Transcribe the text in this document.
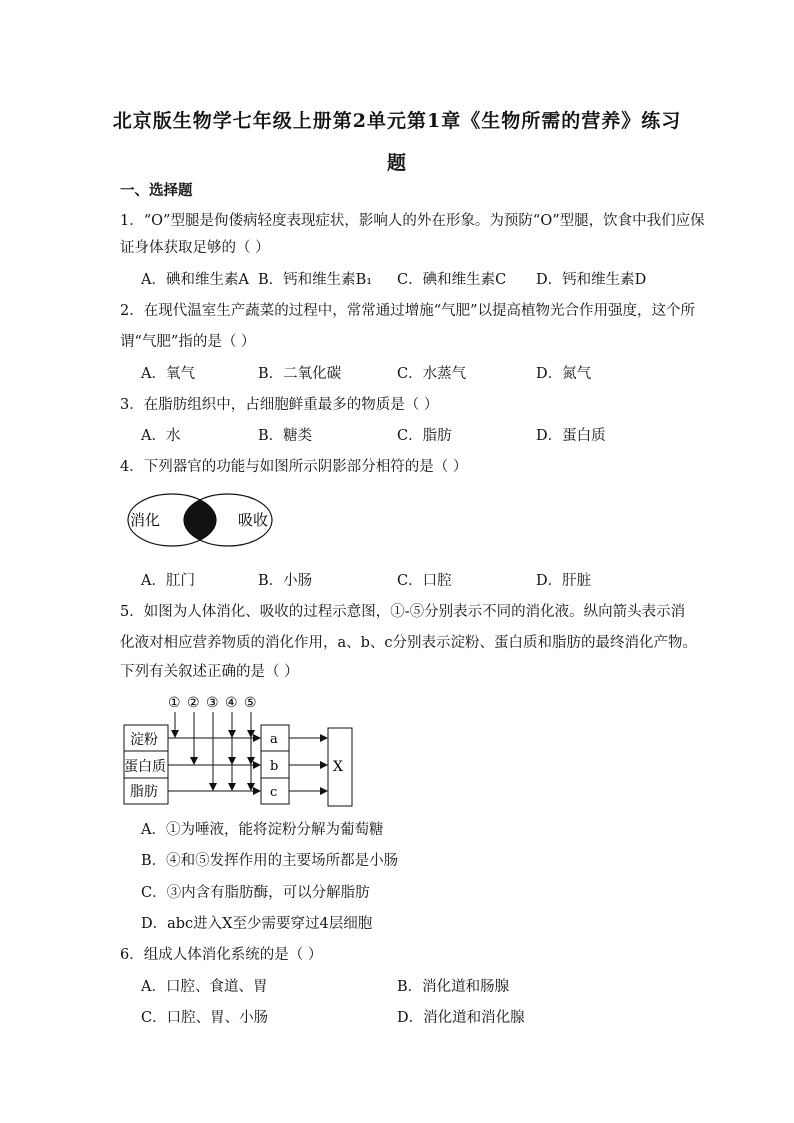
北京版生物学七年级上册第2单元第1章《生物所需的营养》练习
题
一、选择题
1．“O”型腿是佝偻病轻度表现症状，影响人的外在形象。为预防“O”型腿，饮食中我们应保
证身体获取足够的（ ）
A．碘和维生素A B．钙和维生素B₁ C．碘和维生素C D．钙和维生素D
2．在现代温室生产蔬菜的过程中，常常通过增施“气肥”以提高植物光合作用强度，这个所
谓“气肥”指的是（ ）
A．氧气	B．二氧化碳	C．水蒸气	D．氮气
3．在脂肪组织中，占细胞鲜重最多的物质是（ ）
A．水	B．糖类	C．脂肪	D．蛋白质
4．下列器官的功能与如图所示阴影部分相符的是（ ）
消化	吸收
A．肛门	B．小肠	C．口腔	D．肝脏
5．如图为人体消化、吸收的过程示意图，①-⑤分别表示不同的消化液。纵向箭头表示消
化液对相应营养物质的消化作用，a、b、c分别表示淀粉、蛋白质和脂肪的最终消化产物。
下列有关叙述正确的是（ ）
① ② ③ ④ ⑤
淀粉
蛋白质
脂肪
a
b
c
X
A．①为唾液，能将淀粉分解为葡萄糖
B．④和⑤发挥作用的主要场所都是小肠
C．③内含有脂肪酶，可以分解脂肪
D．abc进入X至少需要穿过4层细胞
6．组成人体消化系统的是（ ）
A．口腔、食道、胃	B．消化道和肠腺
C．口腔、胃、小肠	D．消化道和消化腺
